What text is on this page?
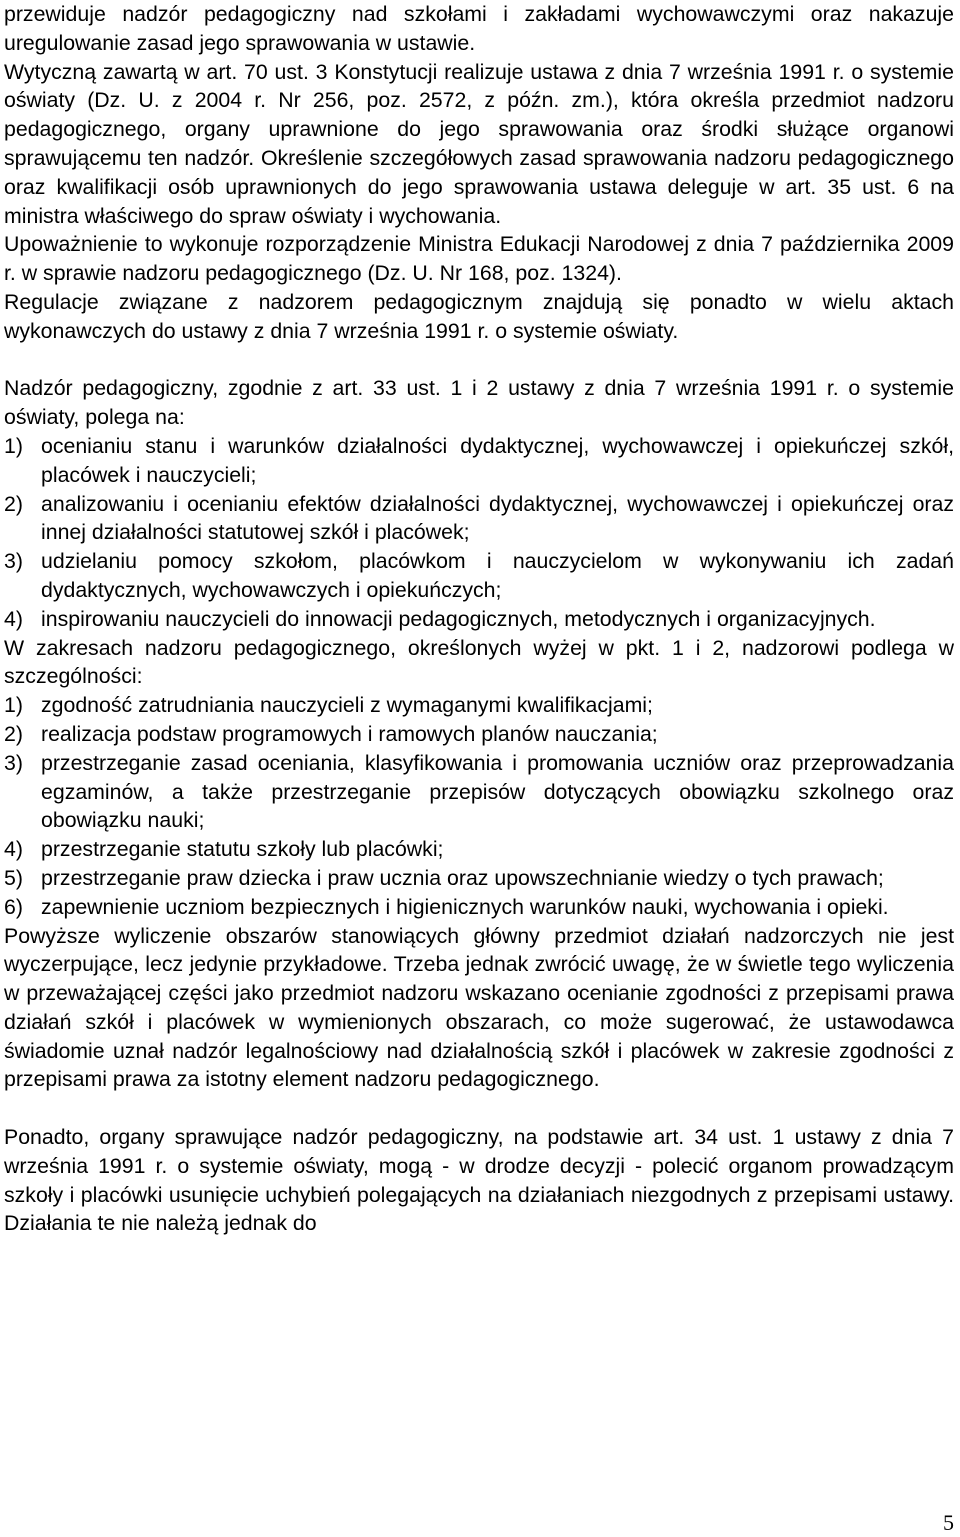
przewiduje nadzór pedagogiczny nad szkołami i zakładami wychowawczymi oraz nakazuje uregulowanie zasad jego sprawowania w ustawie.

Wytyczną zawartą w art. 70 ust. 3 Konstytucji realizuje ustawa z dnia 7 września 1991 r. o systemie oświaty (Dz. U. z 2004 r. Nr 256, poz. 2572, z późn. zm.), która określa przedmiot nadzoru pedagogicznego, organy uprawnione do jego sprawowania oraz środki służące organowi sprawującemu ten nadzór. Określenie szczegółowych zasad sprawowania nadzoru pedagogicznego oraz kwalifikacji osób uprawnionych do jego sprawowania ustawa deleguje w art. 35 ust. 6 na ministra właściwego do spraw oświaty i wychowania.

Upoważnienie to wykonuje rozporządzenie Ministra Edukacji Narodowej z dnia 7 października 2009 r. w sprawie nadzoru pedagogicznego (Dz. U. Nr 168, poz. 1324).

Regulacje związane z nadzorem pedagogicznym znajdują się ponadto w wielu aktach wykonawczych do ustawy z dnia 7 września 1991 r. o systemie oświaty.

Nadzór pedagogiczny, zgodnie z art. 33 ust. 1 i 2 ustawy z dnia 7 września 1991 r. o systemie oświaty, polega na:

1) ocenianiu stanu i warunków działalności dydaktycznej, wychowawczej i opiekuńczej szkół, placówek i nauczycieli;
2) analizowaniu i ocenianiu efektów działalności dydaktycznej, wychowawczej i opiekuńczej oraz innej działalności statutowej szkół i placówek;
3) udzielaniu pomocy szkołom, placówkom i nauczycielom w wykonywaniu ich zadań dydaktycznych, wychowawczych i opiekuńczych;
4) inspirowaniu nauczycieli do innowacji pedagogicznych, metodycznych i organizacyjnych.

W zakresach nadzoru pedagogicznego, określonych wyżej w pkt. 1 i 2, nadzorowi podlega w szczególności:

1) zgodność zatrudniania nauczycieli z wymaganymi kwalifikacjami;
2) realizacja podstaw programowych i ramowych planów nauczania;
3) przestrzeganie zasad oceniania, klasyfikowania i promowania uczniów oraz przeprowadzania egzaminów, a także przestrzeganie przepisów dotyczących obowiązku szkolnego oraz obowiązku nauki;
4) przestrzeganie statutu szkoły lub placówki;
5) przestrzeganie praw dziecka i praw ucznia oraz upowszechnianie wiedzy o tych prawach;
6) zapewnienie uczniom bezpiecznych i higienicznych warunków nauki, wychowania i opieki.

Powyższe wyliczenie obszarów stanowiących główny przedmiot działań nadzorczych nie jest wyczerpujące, lecz jedynie przykładowe. Trzeba jednak zwrócić uwagę, że w świetle tego wyliczenia w przeważającej części jako przedmiot nadzoru wskazano ocenianie zgodności z przepisami prawa działań szkół i placówek w wymienionych obszarach, co może sugerować, że ustawodawca świadomie uznał nadzór legalnościowy nad działalnością szkół i placówek w zakresie zgodności z przepisami prawa za istotny element nadzoru pedagogicznego.

Ponadto, organy sprawujące nadzór pedagogiczny, na podstawie art. 34 ust. 1 ustawy z dnia 7 września 1991 r. o systemie oświaty, mogą - w drodze decyzji - polecić organom prowadzącym szkoły i placówki usunięcie uchybień polegających na działaniach niezgodnych z przepisami ustawy. Działania te nie należą jednak do

5
